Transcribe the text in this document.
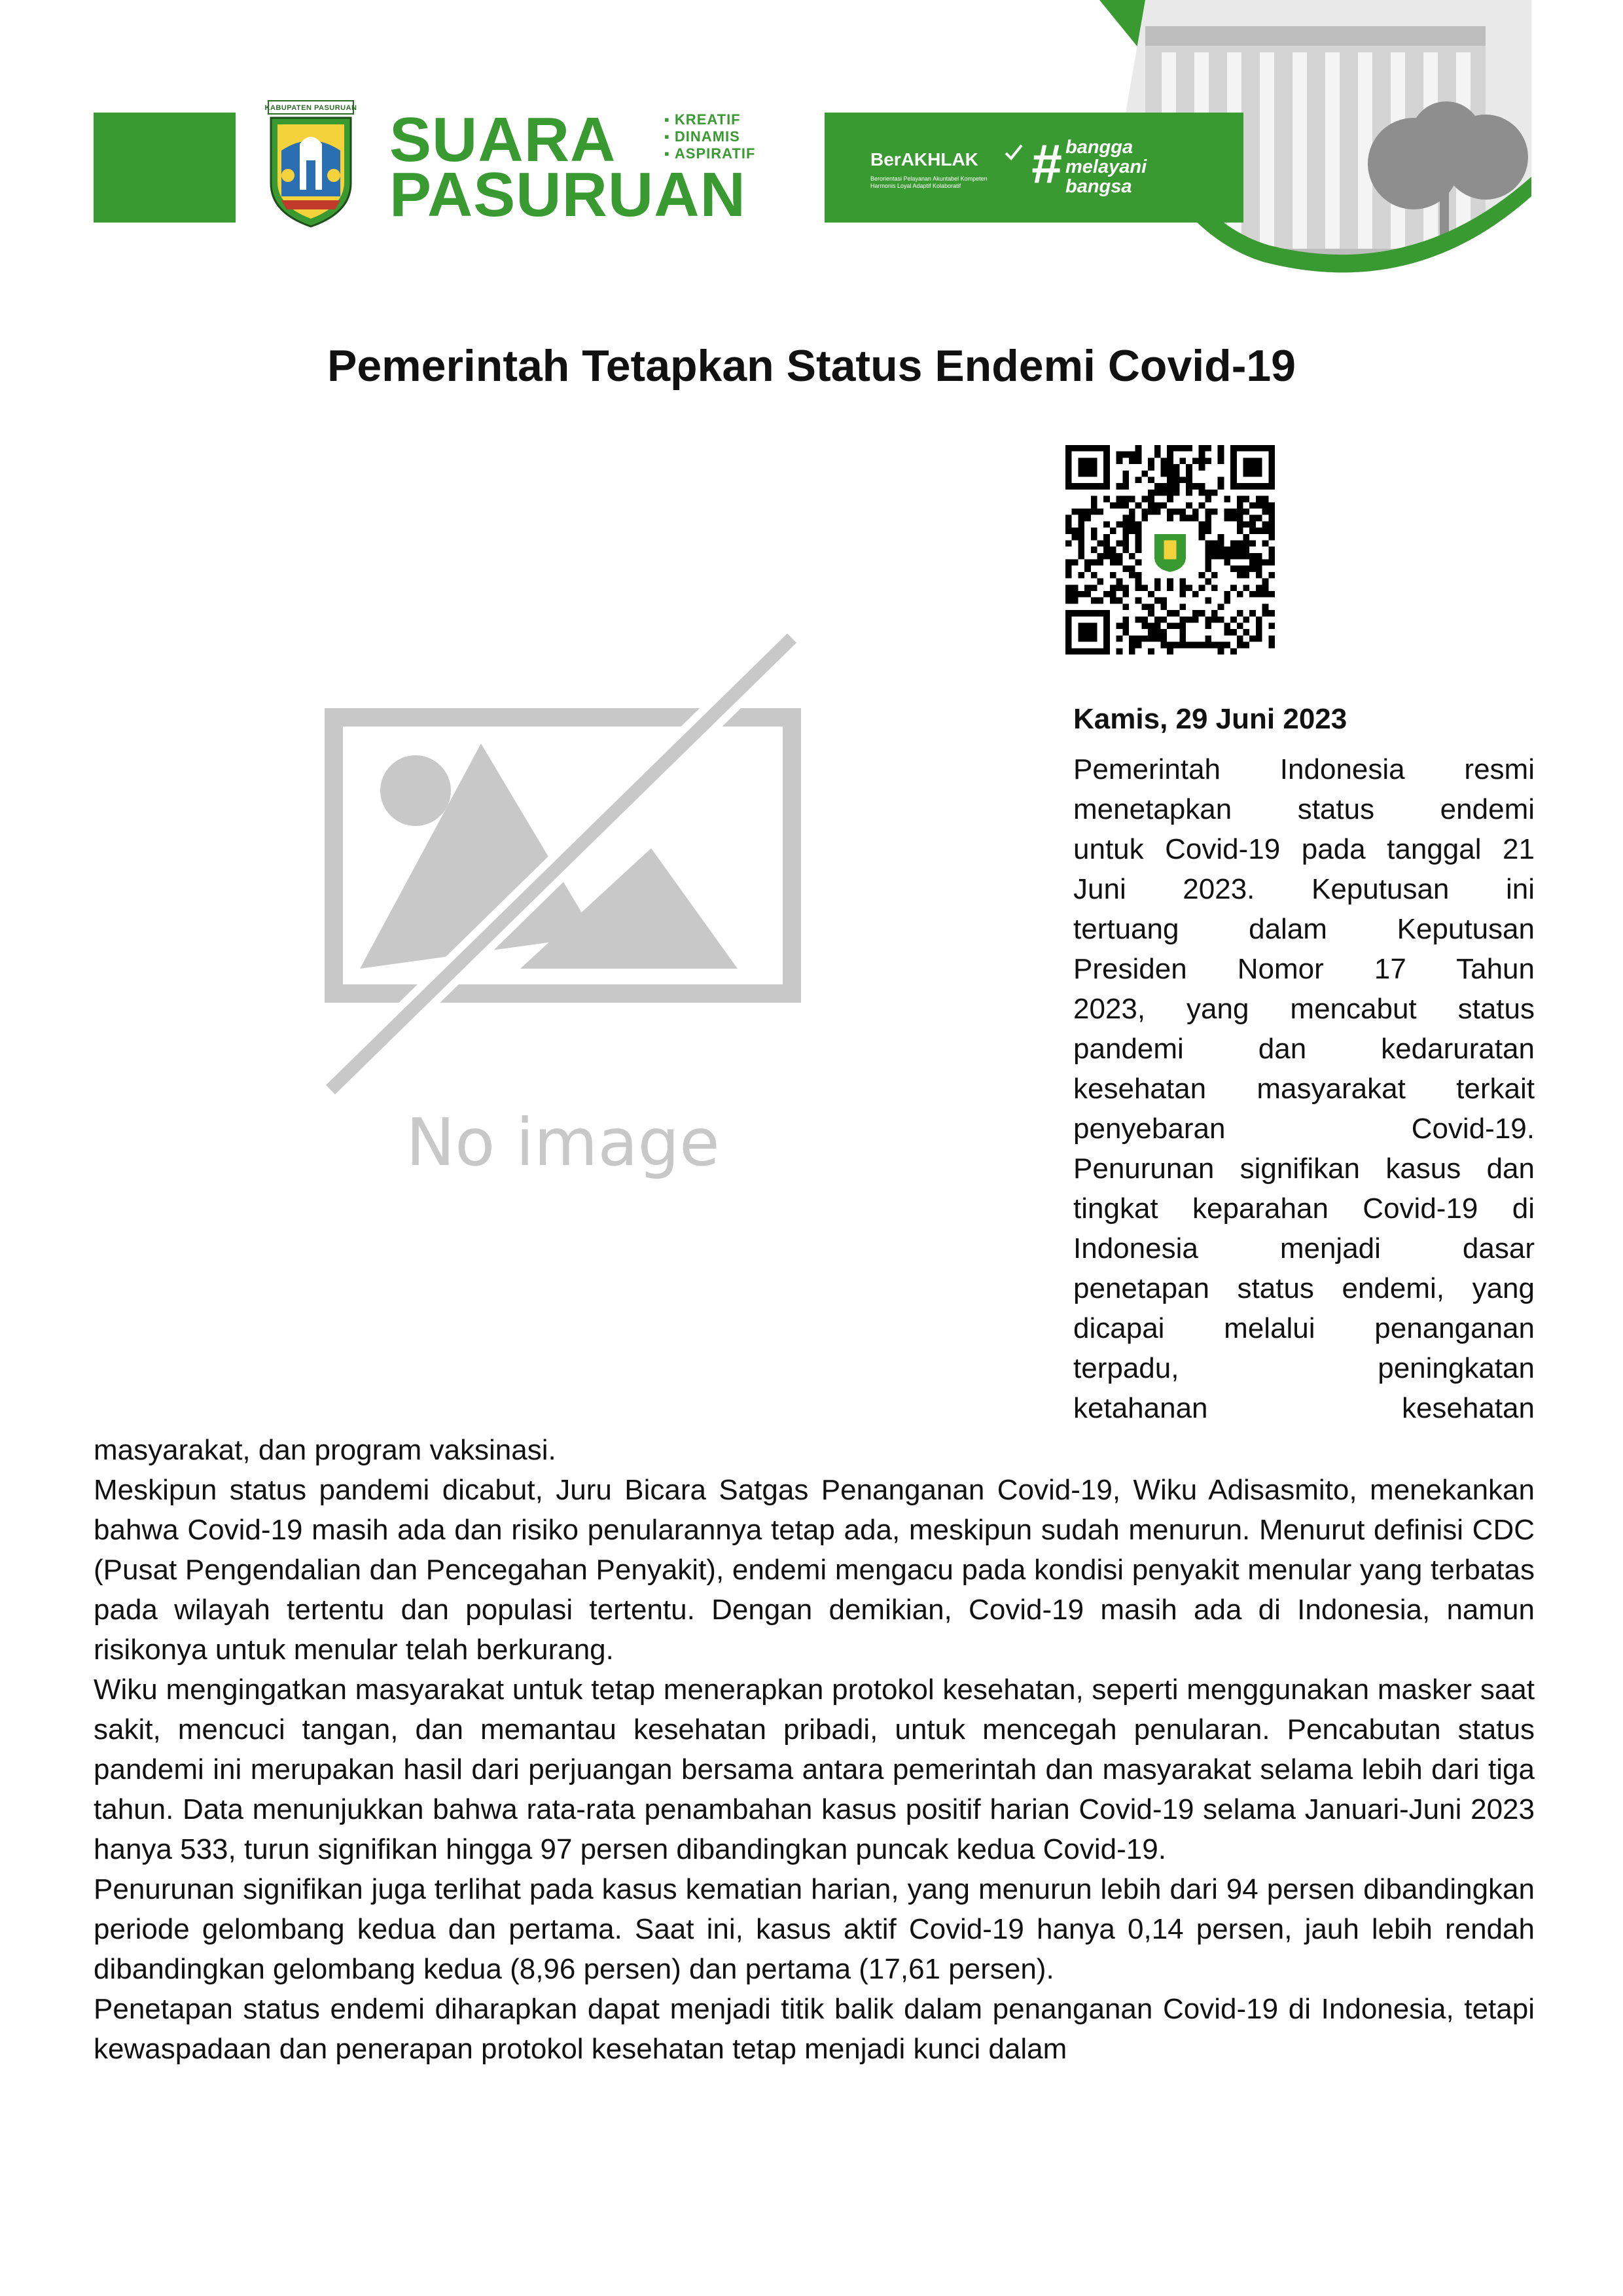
KABUPATEN PASURUAN SUARA
PASURUAN
▪ KREATIF
▪ DINAMIS
▪ ASPIRATIF	BerAKHLAK
Berorientasi Pelayanan Akuntabel Kompeten Harmonis Loyal Adaptif Kolaboratif	# bangga
melayani
bangsa
Pemerintah Tetapkan Status Endemi Covid-19
No image
Kamis, 29 Juni 2023
Pemerintah Indonesia resmi
menetapkan status endemi
untuk Covid-19 pada tanggal 21
Juni 2023. Keputusan ini
tertuang dalam Keputusan
Presiden Nomor 17 Tahun
2023, yang mencabut status
pandemi dan kedaruratan
kesehatan masyarakat terkait
penyebaran Covid-19.
Penurunan signifikan kasus dan
tingkat keparahan Covid-19 di
Indonesia menjadi dasar
penetapan status endemi, yang
dicapai melalui penanganan
terpadu, peningkatan
ketahanan kesehatan

masyarakat, dan program vaksinasi.

Meskipun status pandemi dicabut, Juru Bicara Satgas Penanganan Covid-19, Wiku Adisasmito, menekankan bahwa Covid-19 masih ada dan risiko penularannya tetap ada, meskipun sudah menurun. Menurut definisi CDC (Pusat Pengendalian dan Pencegahan Penyakit), endemi mengacu pada kondisi penyakit menular yang terbatas pada wilayah tertentu dan populasi tertentu. Dengan demikian, Covid-19 masih ada di Indonesia, namun risikonya untuk menular telah berkurang.

Wiku mengingatkan masyarakat untuk tetap menerapkan protokol kesehatan, seperti menggunakan masker saat sakit, mencuci tangan, dan memantau kesehatan pribadi, untuk mencegah penularan. Pencabutan status pandemi ini merupakan hasil dari perjuangan bersama antara pemerintah dan masyarakat selama lebih dari tiga tahun. Data menunjukkan bahwa rata-rata penambahan kasus positif harian Covid-19 selama Januari-Juni 2023 hanya 533, turun signifikan hingga 97 persen dibandingkan puncak kedua Covid-19.

Penurunan signifikan juga terlihat pada kasus kematian harian, yang menurun lebih dari 94 persen dibandingkan periode gelombang kedua dan pertama. Saat ini, kasus aktif Covid-19 hanya 0,14 persen, jauh lebih rendah dibandingkan gelombang kedua (8,96 persen) dan pertama (17,61 persen).

Penetapan status endemi diharapkan dapat menjadi titik balik dalam penanganan Covid-19 di Indonesia, tetapi kewaspadaan dan penerapan protokol kesehatan tetap menjadi kunci dalam
